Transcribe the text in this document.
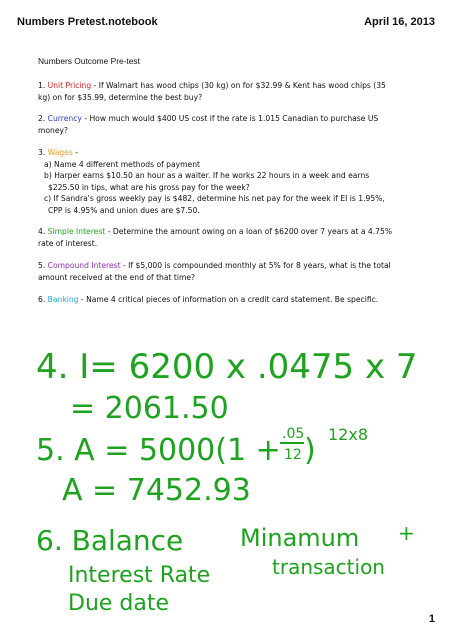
Numbers Pretest.notebook	April 16, 2013
Numbers Outcome Pre-test
1. Unit Pricing - If Walmart has wood chips (30 kg) on for $32.99 & Kent has wood chips (35 kg) on for $35.99, determine the best buy?
2. Currency - How much would $400 US cost if the rate is 1.015 Canadian to purchase US money?
3. Wages -
a) Name 4 different methods of payment
b) Harper earns $10.50 an hour as a waiter. If he works 22 hours in a week and earns $225.50 in tips, what are his gross pay for the week?
c) If Sandra's gross weekly pay is $482, determine his net pay for the week if EI is 1.95%, CPP is 4.95% and union dues are $7.50.
4. Simple Interest - Determine the amount owing on a loan of $6200 over 7 years at a 4.75% rate of interest.
5. Compound Interest - If $5,000 is compounded monthly at 5% for 8 years, what is the total amount received at the end of that time?
6. Banking - Name 4 critical pieces of information on a credit card statement. Be specific.
4. I= 6200 x .0475 x 7
= 2061.50
5. A = 5000(1 + .05
12 ) 12x8
A = 7452.93
6. Balance Minamum +
Interest Rate	transaction
Due date
1
